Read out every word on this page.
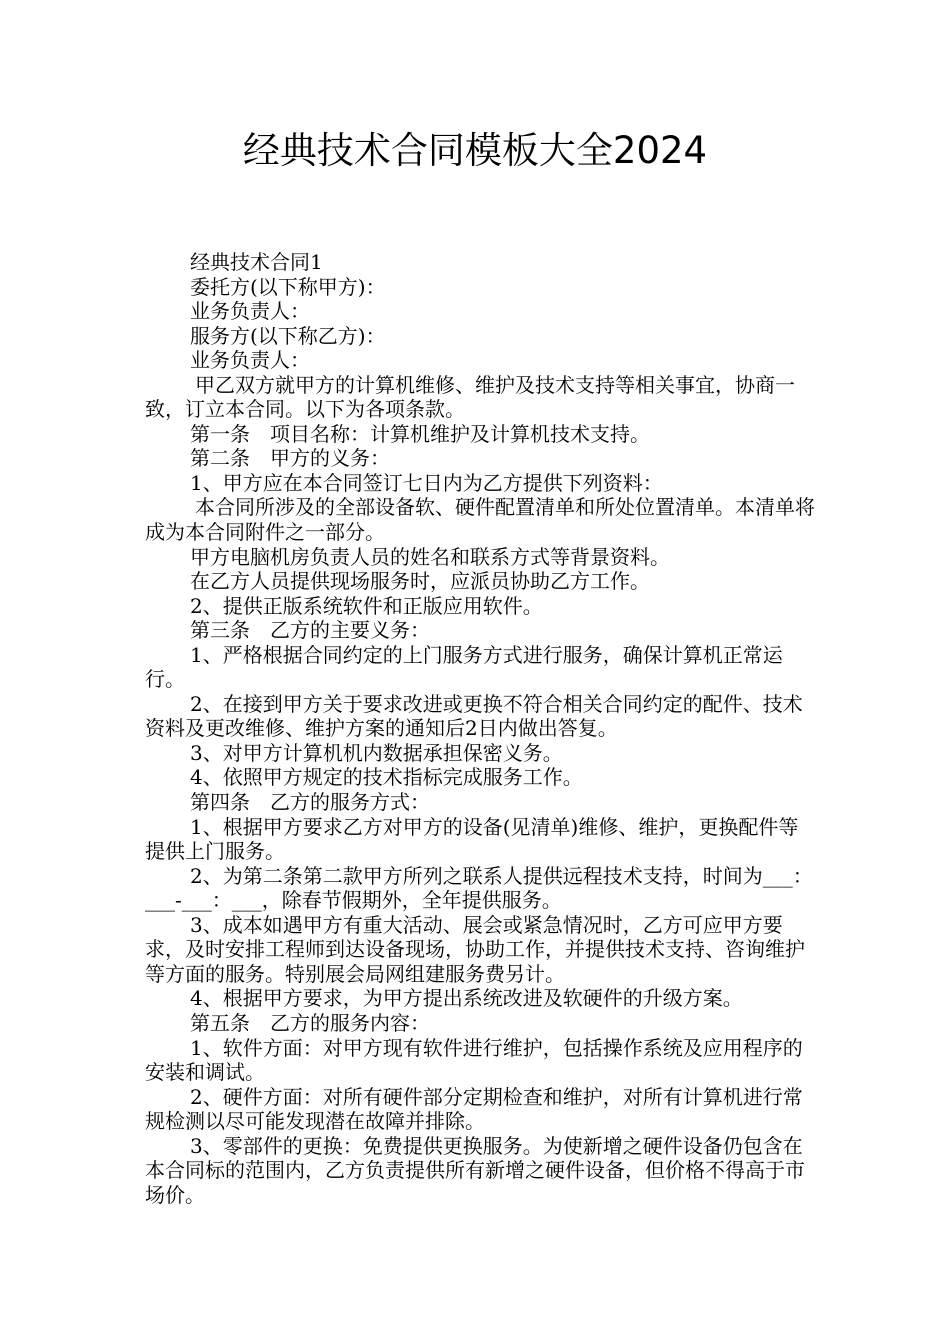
经典技术合同模板大全2024

经典技术合同1

委托方(以下称甲方)：

业务负责人：

服务方(以下称乙方)：

业务负责人：

甲乙双方就甲方的计算机维修、维护及技术支持等相关事宜，协商一致，订立本合同。以下为各项条款。

第一条　项目名称：计算机维护及计算机技术支持。

第二条　甲方的义务：

1、甲方应在本合同签订七日内为乙方提供下列资料：

本合同所涉及的全部设备软、硬件配置清单和所处位置清单。本清单将成为本合同附件之一部分。

甲方电脑机房负责人员的姓名和联系方式等背景资料。

在乙方人员提供现场服务时，应派员协助乙方工作。

2、提供正版系统软件和正版应用软件。

第三条　乙方的主要义务：

1、严格根据合同约定的上门服务方式进行服务，确保计算机正常运行。

2、在接到甲方关于要求改进或更换不符合相关合同约定的配件、技术资料及更改维修、维护方案的通知后2日内做出答复。

3、对甲方计算机机内数据承担保密义务。

4、依照甲方规定的技术指标完成服务工作。

第四条　乙方的服务方式：

1、根据甲方要求乙方对甲方的设备(见清单)维修、维护，更换配件等提供上门服务。

2、为第二条第二款甲方所列之联系人提供远程技术支持，时间为___：___-___：___，除春节假期外，全年提供服务。

3、成本如遇甲方有重大活动、展会或紧急情况时，乙方可应甲方要求，及时安排工程师到达设备现场，协助工作，并提供技术支持、咨询维护等方面的服务。特别展会局网组建服务费另计。

4、根据甲方要求，为甲方提出系统改进及软硬件的升级方案。

第五条　乙方的服务内容：

1、软件方面：对甲方现有软件进行维护，包括操作系统及应用程序的安装和调试。

2、硬件方面：对所有硬件部分定期检查和维护，对所有计算机进行常规检测以尽可能发现潜在故障并排除。

3、零部件的更换：免费提供更换服务。为使新增之硬件设备仍包含在本合同标的范围内，乙方负责提供所有新增之硬件设备，但价格不得高于市场价。
